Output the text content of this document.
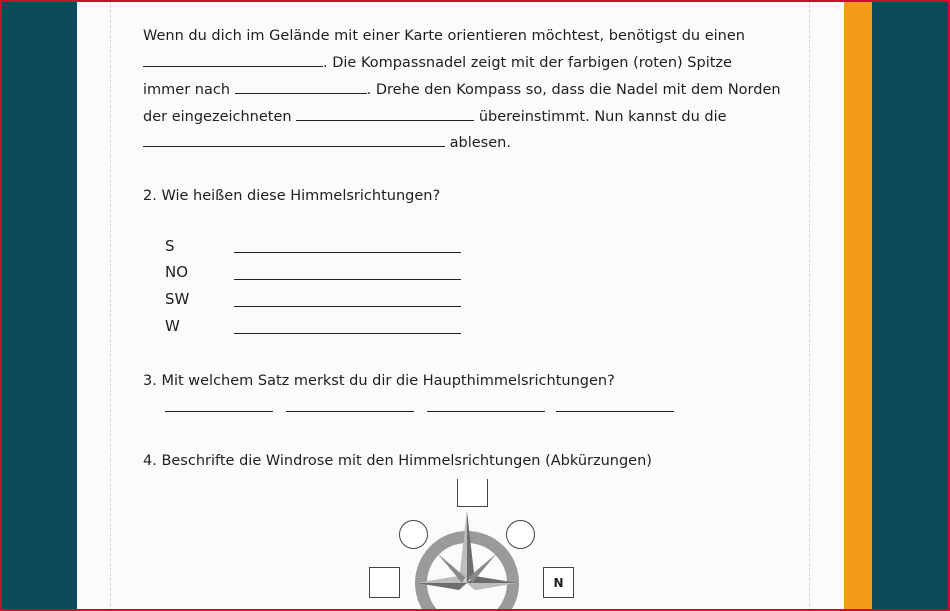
Wenn du dich im Gelände mit einer Karte orientieren möchtest, benötigst du einen
. Die Kompassnadel zeigt mit der farbigen (roten) Spitze
immer nach	. Drehe den Kompass so, dass die Nadel mit dem Norden
der eingezeichneten	übereinstimmt. Nun kannst du die
ablesen.
2. Wie heißen diese Himmelsrichtungen?
S
NO
SW
W
3. Mit welchem Satz merkst du dir die Haupthimmelsrichtungen?
4. Beschrifte die Windrose mit den Himmelsrichtungen (Abkürzungen)
N
